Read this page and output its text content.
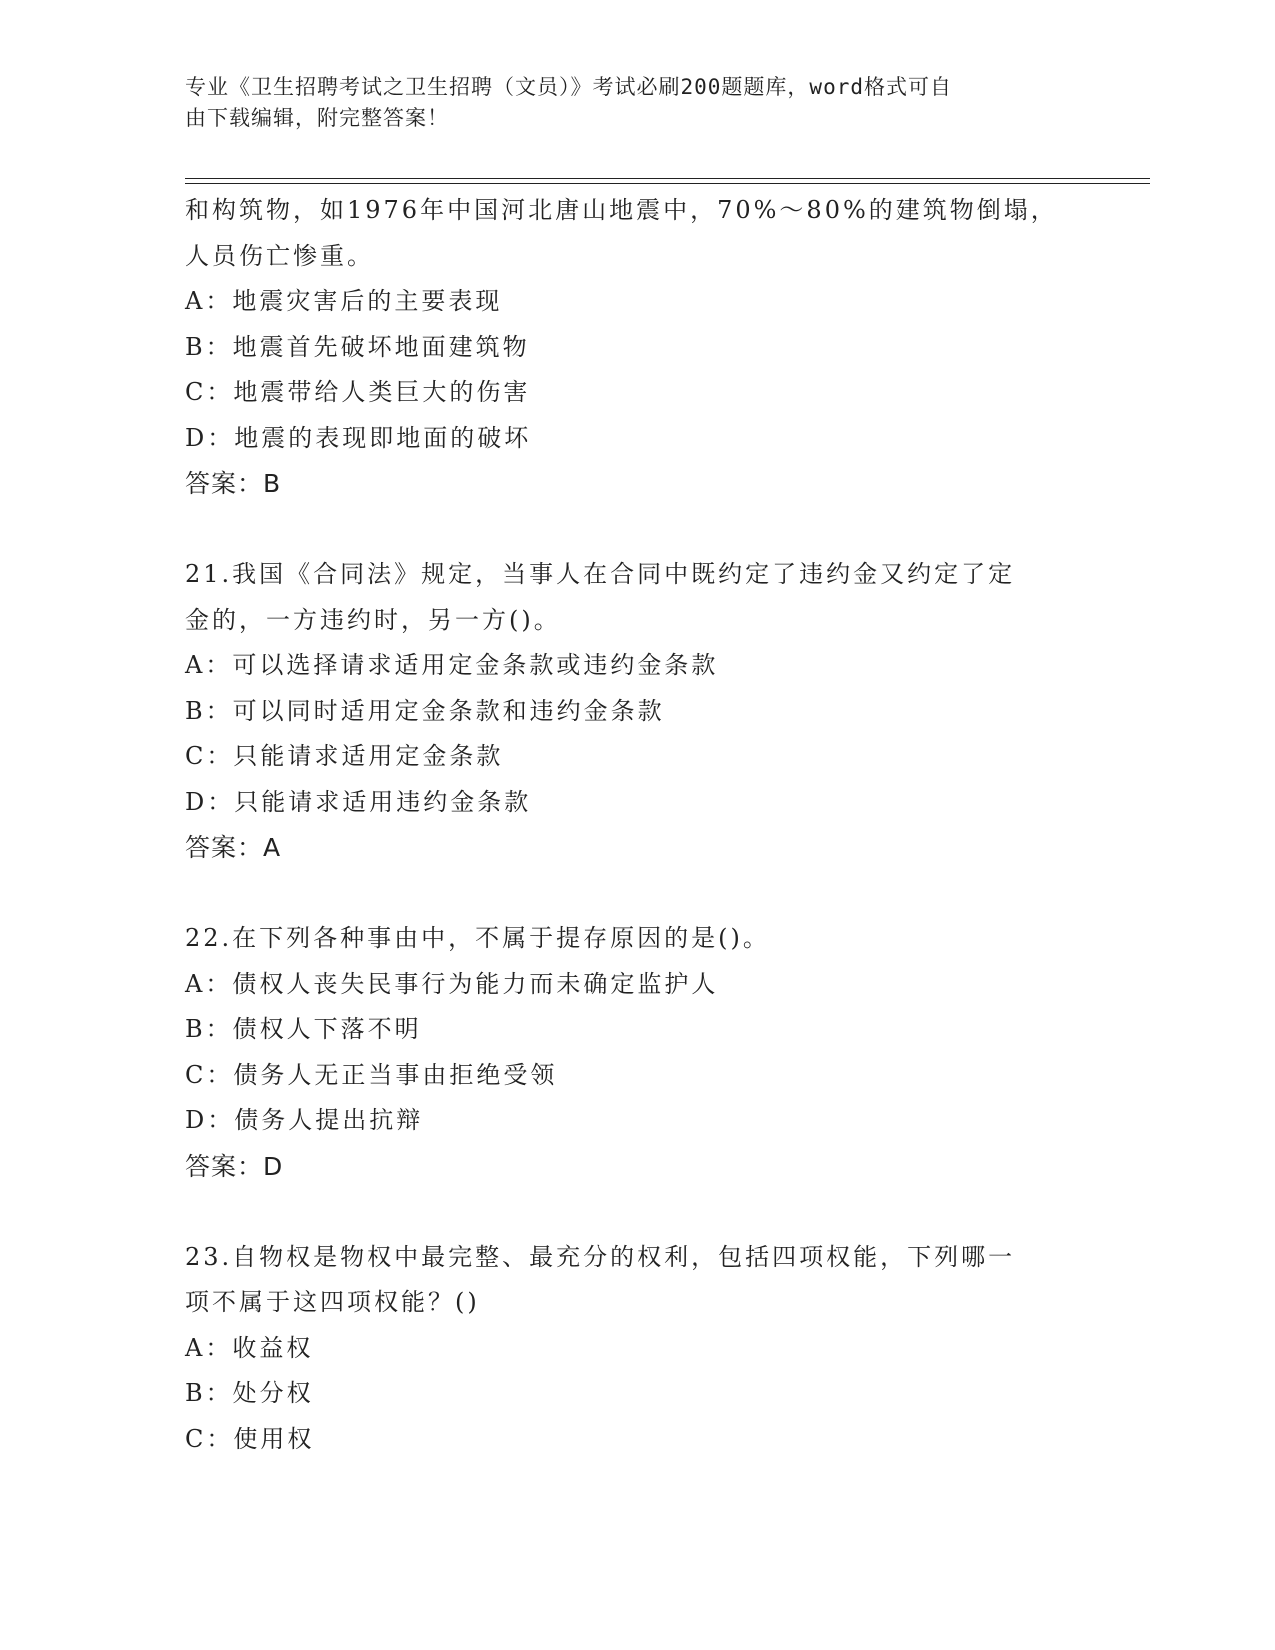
专业《卫生招聘考试之卫生招聘（文员）》考试必刷200题题库，word格式可自
由下载编辑，附完整答案！
和构筑物，如1976年中国河北唐山地震中，70%～80%的建筑物倒塌，
人员伤亡惨重。
A：地震灾害后的主要表现
B：地震首先破坏地面建筑物
C：地震带给人类巨大的伤害
D：地震的表现即地面的破坏
答案：B
21.我国《合同法》规定，当事人在合同中既约定了违约金又约定了定
金的，一方违约时，另一方()。
A：可以选择请求适用定金条款或违约金条款
B：可以同时适用定金条款和违约金条款
C：只能请求适用定金条款
D：只能请求适用违约金条款
答案：A
22.在下列各种事由中，不属于提存原因的是()。
A：债权人丧失民事行为能力而未确定监护人
B：债权人下落不明
C：债务人无正当事由拒绝受领
D：债务人提出抗辩
答案：D
23.自物权是物权中最完整、最充分的权利，包括四项权能，下列哪一
项不属于这四项权能？()
A：收益权
B：处分权
C：使用权
